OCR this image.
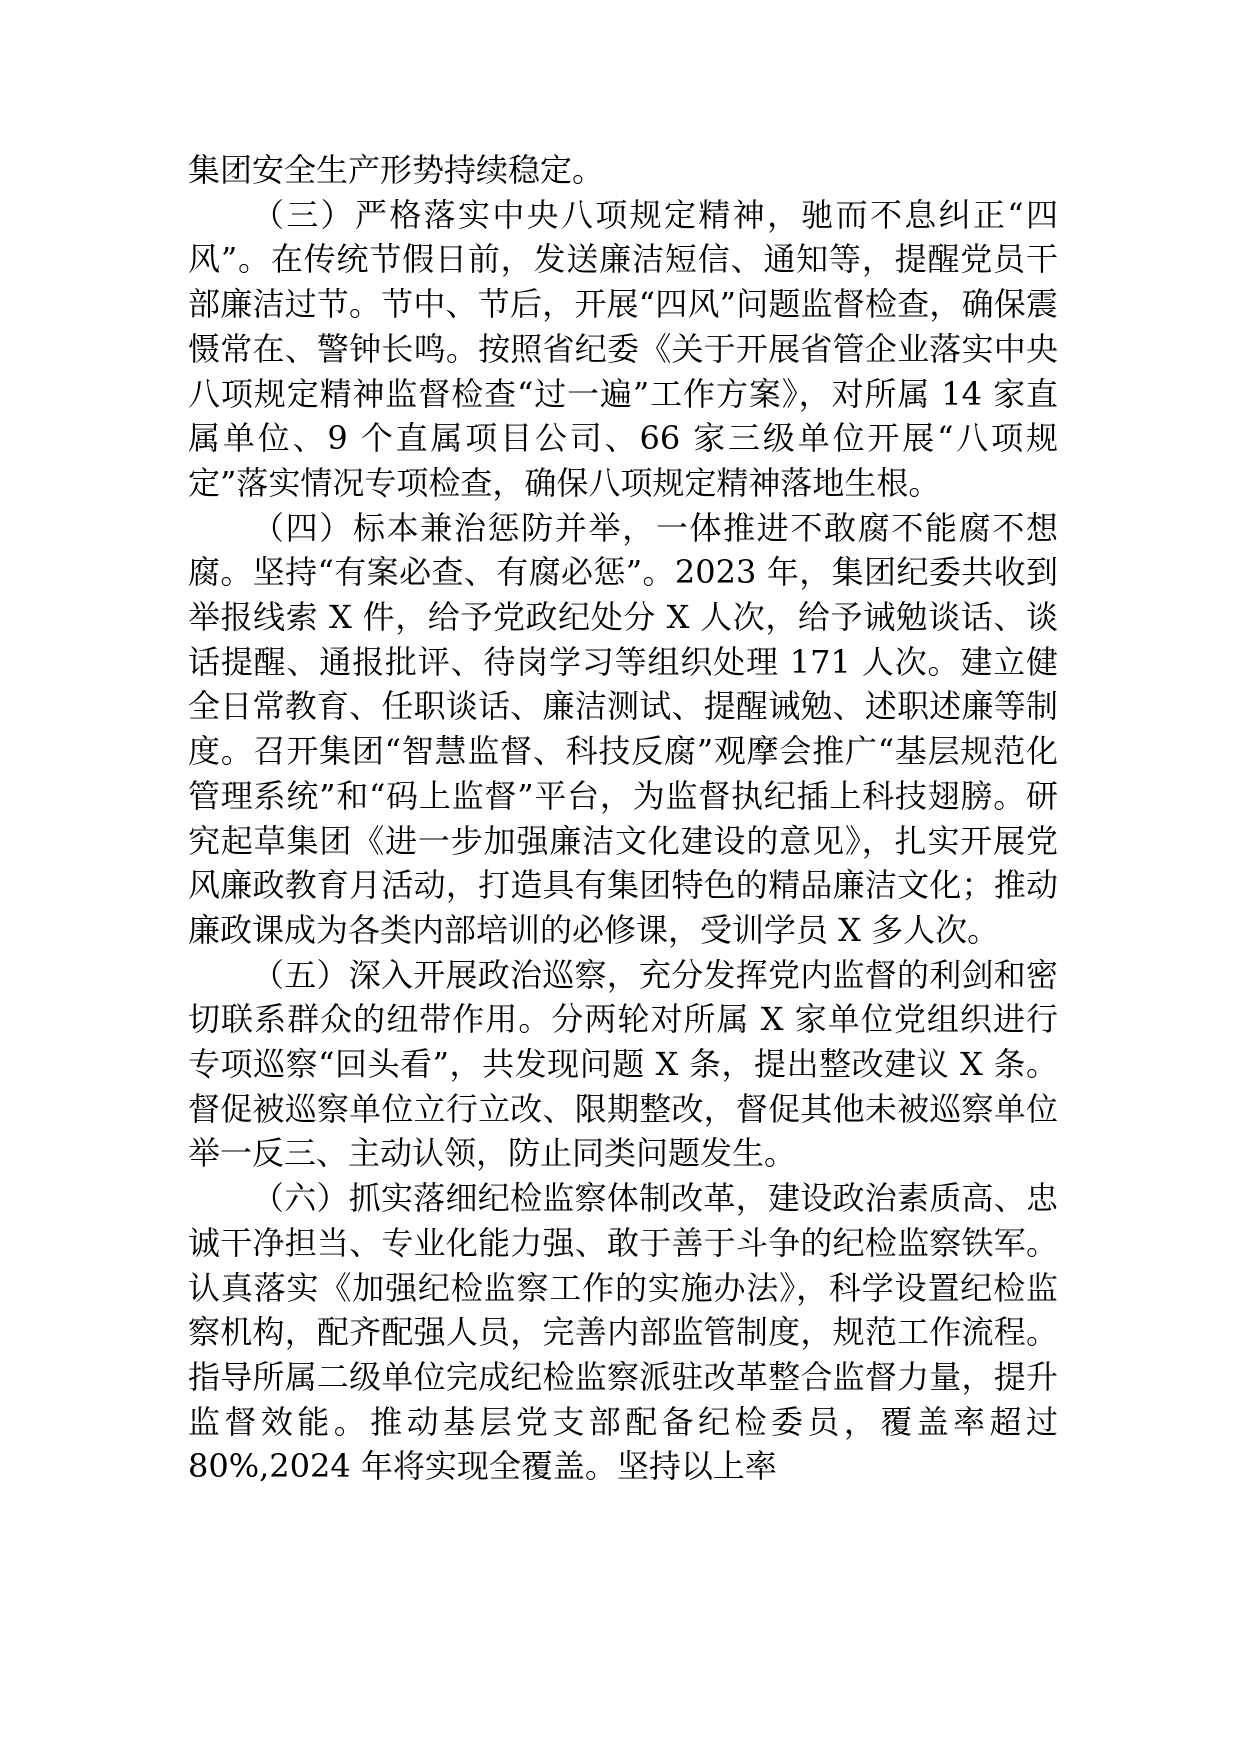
集团安全生产形势持续稳定。

（三）严格落实中央八项规定精神，驰而不息纠正“四风”。在传统节假日前，发送廉洁短信、通知等，提醒党员干部廉洁过节。节中、节后，开展“四风”问题监督检查，确保震慑常在、警钟长鸣。按照省纪委《关于开展省管企业落实中央八项规定精神监督检查“过一遍”工作方案》，对所属 14 家直属单位、9 个直属项目公司、66 家三级单位开展“八项规定”落实情况专项检查，确保八项规定精神落地生根。

（四）标本兼治惩防并举，一体推进不敢腐不能腐不想腐。坚持“有案必查、有腐必惩”。2023 年，集团纪委共收到举报线索 X 件，给予党政纪处分 X 人次，给予诫勉谈话、谈话提醒、通报批评、待岗学习等组织处理 171 人次。建立健全日常教育、任职谈话、廉洁测试、提醒诫勉、述职述廉等制度。召开集团“智慧监督、科技反腐”观摩会推广“基层规范化管理系统”和“码上监督”平台，为监督执纪插上科技翅膀。研究起草集团《进一步加强廉洁文化建设的意见》，扎实开展党风廉政教育月活动，打造具有集团特色的精品廉洁文化；推动廉政课成为各类内部培训的必修课，受训学员 X 多人次。

（五）深入开展政治巡察，充分发挥党内监督的利剑和密切联系群众的纽带作用。分两轮对所属 X 家单位党组织进行专项巡察“回头看”，共发现问题 X 条，提出整改建议 X 条。督促被巡察单位立行立改、限期整改，督促其他未被巡察单位举一反三、主动认领，防止同类问题发生。

（六）抓实落细纪检监察体制改革，建设政治素质高、忠诚干净担当、专业化能力强、敢于善于斗争的纪检监察铁军。认真落实《加强纪检监察工作的实施办法》，科学设置纪检监察机构，配齐配强人员，完善内部监管制度，规范工作流程。指导所属二级单位完成纪检监察派驻改革整合监督力量，提升监督效能。推动基层党支部配备纪检委员，覆盖率超过 80%,2024 年将实现全覆盖。坚持以上率
